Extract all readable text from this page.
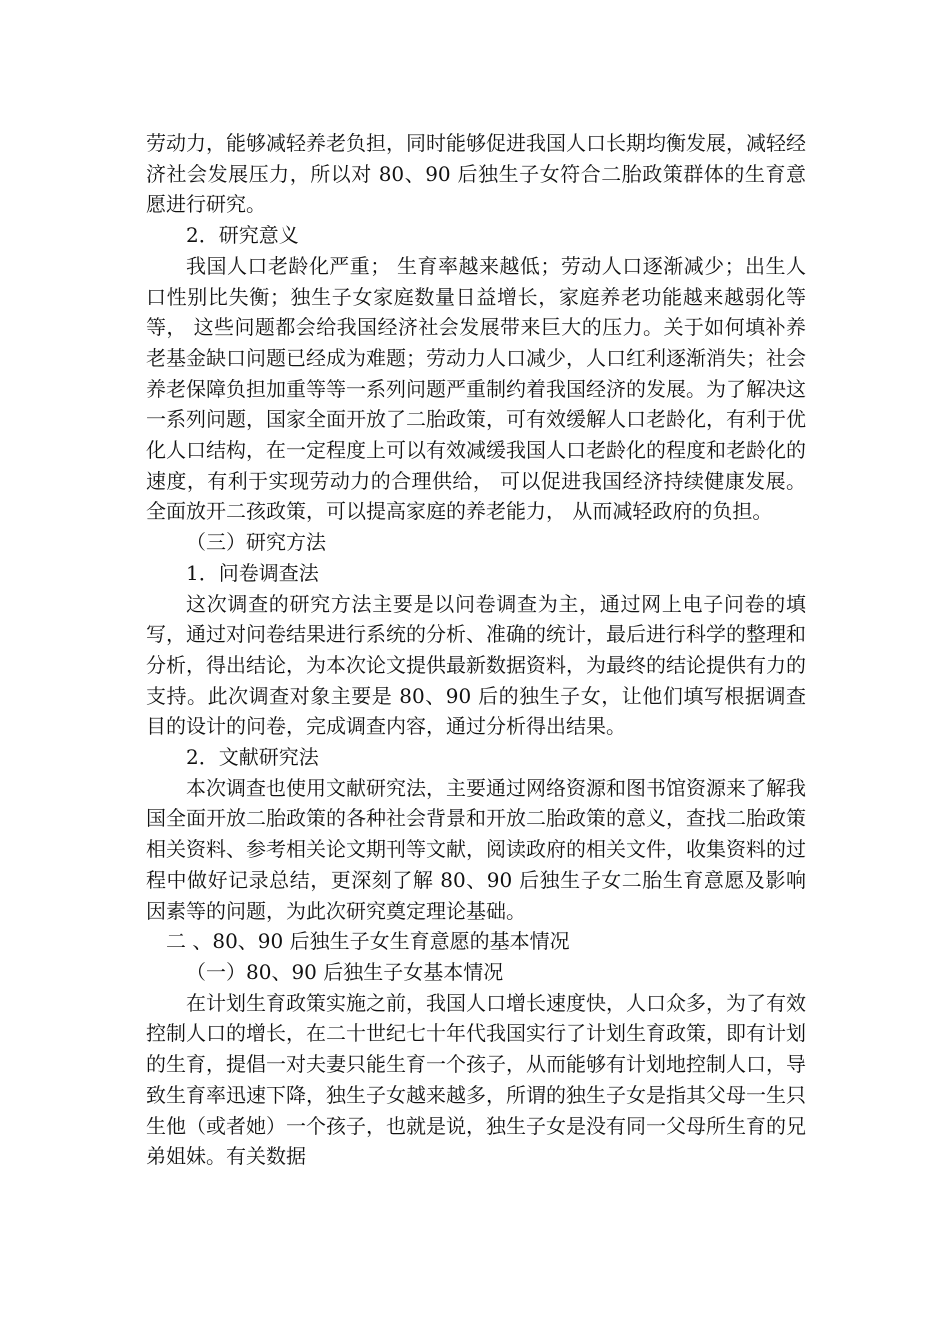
劳动力，能够减轻养老负担，同时能够促进我国人口长期均衡发展，减轻经济社会发展压力，所以对 80、90 后独生子女符合二胎政策群体的生育意愿进行研究。

2．研究意义

我国人口老龄化严重； 生育率越来越低；劳动人口逐渐减少；出生人口性别比失衡；独生子女家庭数量日益增长，家庭养老功能越来越弱化等等， 这些问题都会给我国经济社会发展带来巨大的压力。关于如何填补养老基金缺口问题已经成为难题；劳动力人口减少，人口红利逐渐消失；社会养老保障负担加重等等一系列问题严重制约着我国经济的发展。为了解决这一系列问题，国家全面开放了二胎政策，可有效缓解人口老龄化，有利于优化人口结构，在一定程度上可以有效减缓我国人口老龄化的程度和老龄化的速度，有利于实现劳动力的合理供给， 可以促进我国经济持续健康发展。全面放开二孩政策，可以提高家庭的养老能力， 从而减轻政府的负担。

（三）研究方法

1．问卷调查法

这次调查的研究方法主要是以问卷调查为主，通过网上电子问卷的填写，通过对问卷结果进行系统的分析、准确的统计，最后进行科学的整理和分析，得出结论，为本次论文提供最新数据资料，为最终的结论提供有力的支持。此次调查对象主要是 80、90 后的独生子女，让他们填写根据调查目的设计的问卷，完成调查内容，通过分析得出结果。

2．文献研究法

本次调查也使用文献研究法，主要通过网络资源和图书馆资源来了解我国全面开放二胎政策的各种社会背景和开放二胎政策的意义，查找二胎政策相关资料、参考相关论文期刊等文献，阅读政府的相关文件，收集资料的过程中做好记录总结，更深刻了解 80、90 后独生子女二胎生育意愿及影响因素等的问题，为此次研究奠定理论基础。

二 、80、90 后独生子女生育意愿的基本情况

（一）80、90 后独生子女基本情况

在计划生育政策实施之前，我国人口增长速度快，人口众多，为了有效控制人口的增长，在二十世纪七十年代我国实行了计划生育政策，即有计划的生育，提倡一对夫妻只能生育一个孩子，从而能够有计划地控制人口，导致生育率迅速下降，独生子女越来越多，所谓的独生子女是指其父母一生只生他（或者她）一个孩子，也就是说，独生子女是没有同一父母所生育的兄弟姐妹。有关数据
